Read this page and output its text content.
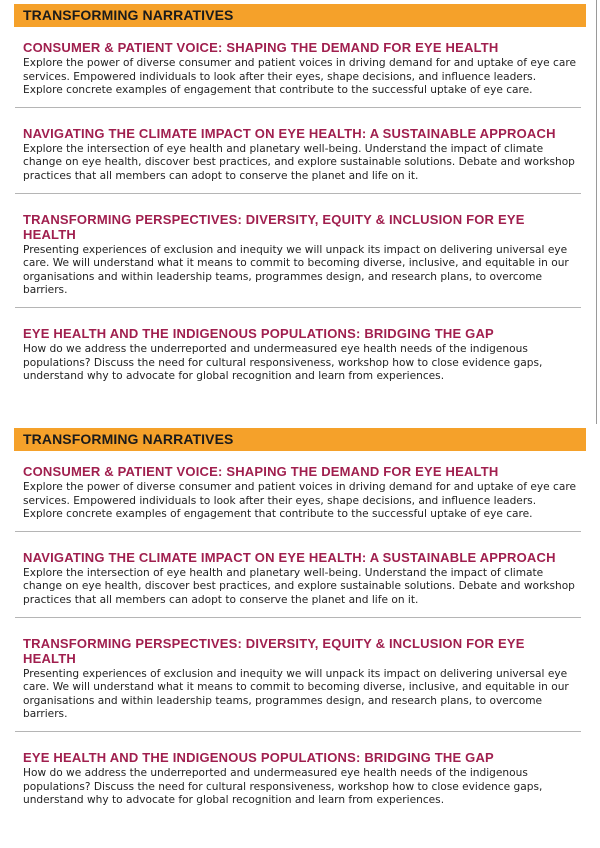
TRANSFORMING NARRATIVES
CONSUMER & PATIENT VOICE: SHAPING THE DEMAND FOR EYE HEALTH
Explore the power of diverse consumer and patient voices in driving demand for and uptake of eye care services. Empowered individuals to look after their eyes, shape decisions, and influence leaders. Explore concrete examples of engagement that contribute to the successful uptake of eye care.
NAVIGATING THE CLIMATE IMPACT ON EYE HEALTH: A SUSTAINABLE APPROACH
Explore the intersection of eye health and planetary well-being. Understand the impact of climate change on eye health, discover best practices, and explore sustainable solutions. Debate and workshop practices that all members can adopt to conserve the planet and life on it.
TRANSFORMING PERSPECTIVES: DIVERSITY, EQUITY & INCLUSION FOR EYE HEALTH
Presenting experiences of exclusion and inequity we will unpack its impact on delivering universal eye care. We will understand what it means to commit to becoming diverse, inclusive, and equitable in our organisations and within leadership teams, programmes design, and research plans, to overcome barriers.
EYE HEALTH AND THE INDIGENOUS POPULATIONS: BRIDGING THE GAP
How do we address the underreported and undermeasured eye health needs of the indigenous populations? Discuss the need for cultural responsiveness, workshop how to close evidence gaps, understand why to advocate for global recognition and learn from experiences.
TRANSFORMING NARRATIVES
CONSUMER & PATIENT VOICE: SHAPING THE DEMAND FOR EYE HEALTH
Explore the power of diverse consumer and patient voices in driving demand for and uptake of eye care services. Empowered individuals to look after their eyes, shape decisions, and influence leaders. Explore concrete examples of engagement that contribute to the successful uptake of eye care.
NAVIGATING THE CLIMATE IMPACT ON EYE HEALTH: A SUSTAINABLE APPROACH
Explore the intersection of eye health and planetary well-being. Understand the impact of climate change on eye health, discover best practices, and explore sustainable solutions. Debate and workshop practices that all members can adopt to conserve the planet and life on it.
TRANSFORMING PERSPECTIVES: DIVERSITY, EQUITY & INCLUSION FOR EYE HEALTH
Presenting experiences of exclusion and inequity we will unpack its impact on delivering universal eye care. We will understand what it means to commit to becoming diverse, inclusive, and equitable in our organisations and within leadership teams, programmes design, and research plans, to overcome barriers.
EYE HEALTH AND THE INDIGENOUS POPULATIONS: BRIDGING THE GAP
How do we address the underreported and undermeasured eye health needs of the indigenous populations? Discuss the need for cultural responsiveness, workshop how to close evidence gaps, understand why to advocate for global recognition and learn from experiences.
